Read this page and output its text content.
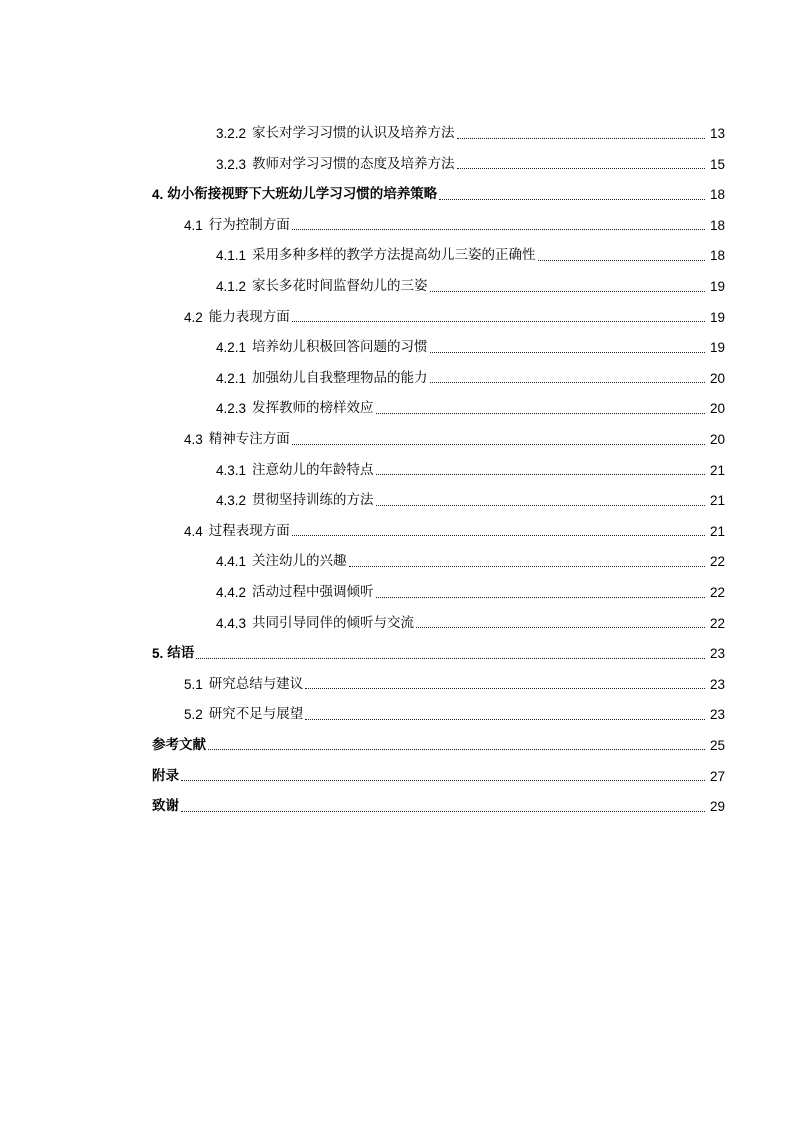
3.2.2 家长对学习习惯的认识及培养方法	13
3.2.3 教师对学习习惯的态度及培养方法	15
4. 幼小衔接视野下大班幼儿学习习惯的培养策略	18
4.1 行为控制方面	18
4.1.1 采用多种多样的教学方法提高幼儿三姿的正确性	18
4.1.2 家长多花时间监督幼儿的三姿	19
4.2 能力表现方面	19
4.2.1 培养幼儿积极回答问题的习惯	19
4.2.1 加强幼儿自我整理物品的能力	20
4.2.3 发挥教师的榜样效应	20
4.3 精神专注方面	20
4.3.1 注意幼儿的年龄特点	21
4.3.2 贯彻坚持训练的方法	21
4.4 过程表现方面	21
4.4.1 关注幼儿的兴趣	22
4.4.2 活动过程中强调倾听	22
4.4.3 共同引导同伴的倾听与交流	22
5. 结语	23
5.1 研究总结与建议	23
5.2 研究不足与展望	23
参考文献	25
附录	27
致谢	29
